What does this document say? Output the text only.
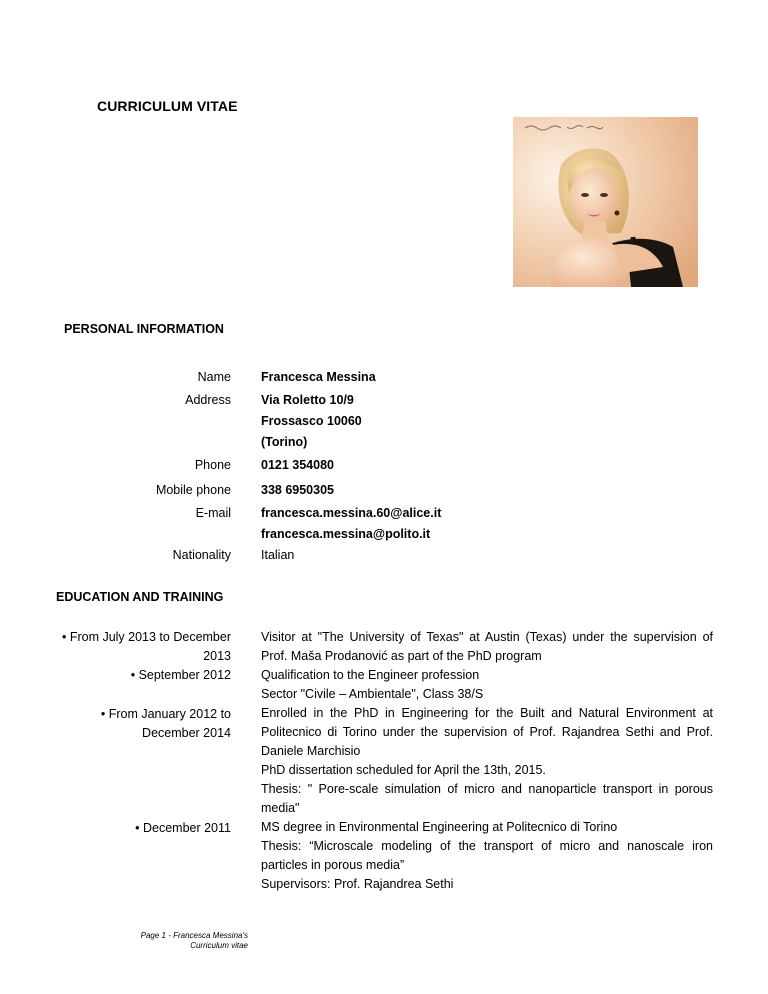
CURRICULUM VITAE
PERSONAL INFORMATION
Name Francesca Messina
Address Via Roletto 10/9
Frossasco 10060
(Torino)
Phone 0121 354080
Mobile phone 338 6950305
E-mail francesca.messina.60@alice.it
francesca.messina@polito.it
Nationality Italian
EDUCATION AND TRAINING
• From July 2013 to December
2013
• September 2012
• From January 2012 to
December 2014
• December 2011
Visitor at "The University of Texas" at Austin (Texas) under the supervision of Prof. Maša Prodanović as part of the PhD program
Qualification to the Engineer profession
Sector "Civile – Ambientale", Class 38/S
Enrolled in the PhD in Engineering for the Built and Natural Environment at Politecnico di Torino under the supervision of Prof. Rajandrea Sethi and Prof. Daniele Marchisio
PhD dissertation scheduled for April the 13th, 2015.
Thesis: " Pore-scale simulation of micro and nanoparticle transport in porous media"
MS degree in Environmental Engineering at Politecnico di Torino
Thesis: “Microscale modeling of the transport of micro and nanoscale iron particles in porous media”
Supervisors: Prof. Rajandrea Sethi
Page 1 - Francesca Messina's
Curriculum vitae
